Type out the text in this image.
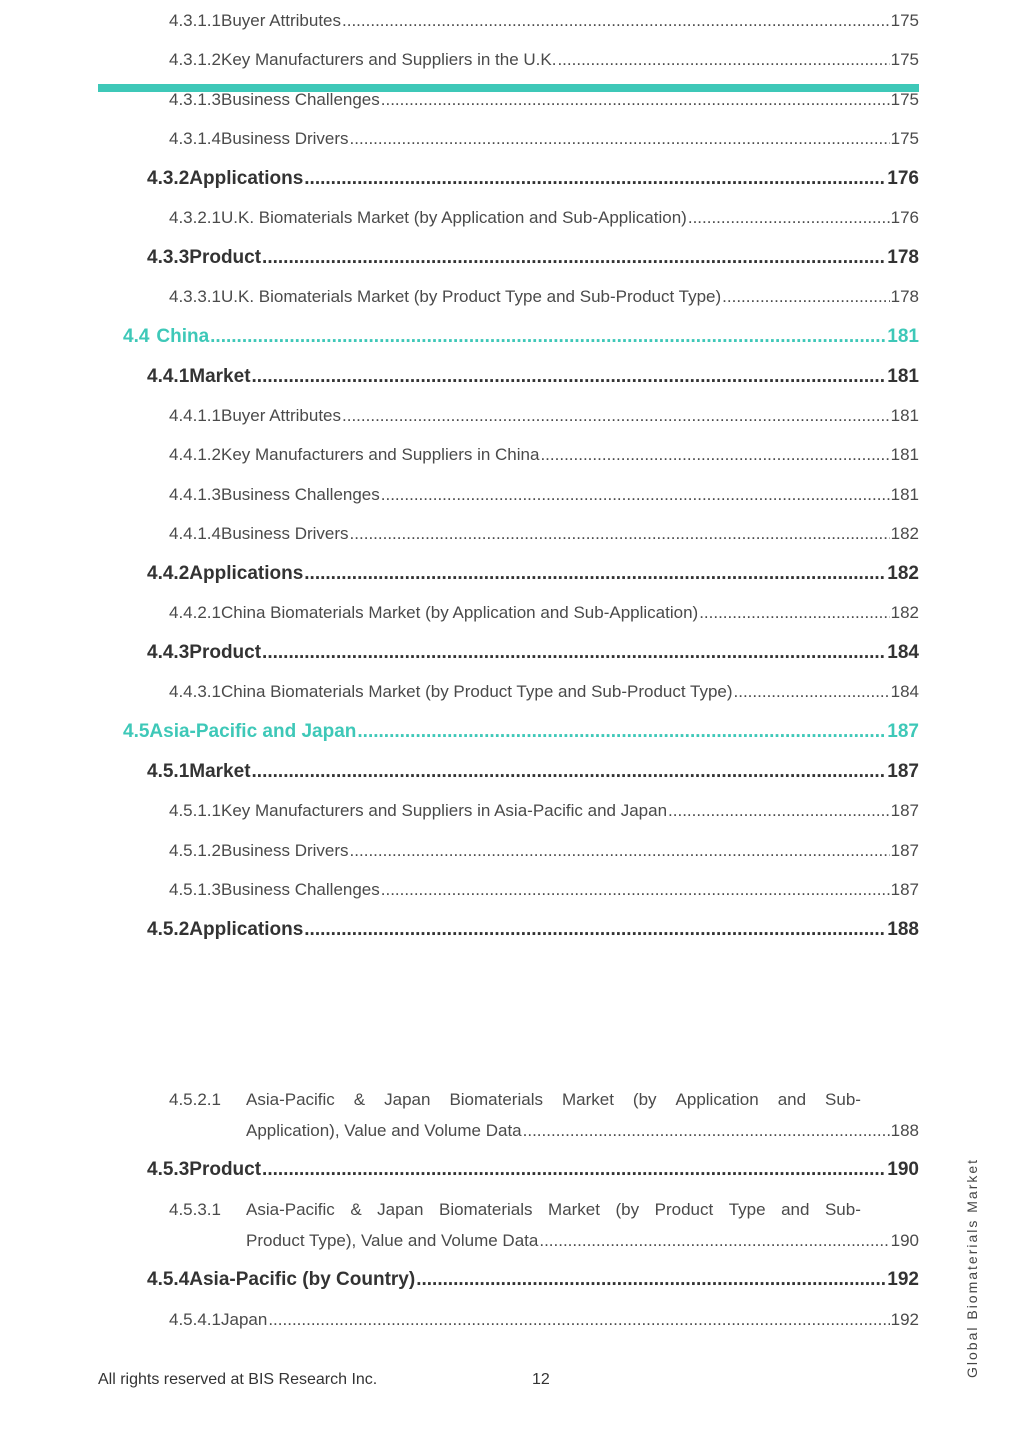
4.3.1.1 Buyer Attributes .....	175
4.3.1.2 Key Manufacturers and Suppliers in the U.K. .....	175
4.3.1.3 Business Challenges .....	175
4.3.1.4 Business Drivers .....	175
4.3.2 Applications .....	176
4.3.2.1 U.K. Biomaterials Market (by Application and Sub-Application) .....	176
4.3.3 Product .....	178
4.3.3.1 U.K. Biomaterials Market (by Product Type and Sub-Product Type) .....	178
4.4 China .....	181
4.4.1 Market .....	181
4.4.1.1 Buyer Attributes .....	181
4.4.1.2 Key Manufacturers and Suppliers in China .....	181
4.4.1.3 Business Challenges .....	181
4.4.1.4 Business Drivers .....	182
4.4.2 Applications .....	182
4.4.2.1 China Biomaterials Market (by Application and Sub-Application) .....	182
4.4.3 Product .....	184
4.4.3.1 China Biomaterials Market (by Product Type and Sub-Product Type) .....	184
4.5 Asia-Pacific and Japan .....	187
4.5.1 Market .....	187
4.5.1.1 Key Manufacturers and Suppliers in Asia-Pacific and Japan .....	187
4.5.1.2 Business Drivers .....	187
4.5.1.3 Business Challenges .....	187
4.5.2 Applications .....	188
4.5.2.1	Asia-Pacific & Japan Biomaterials Market (by Application and Sub-
Application), Value and Volume Data .....	188
4.5.3 Product .....	190
4.5.3.1	Asia-Pacific & Japan Biomaterials Market (by Product Type and Sub-
Product Type), Value and Volume Data .....	190
4.5.4 Asia-Pacific (by Country) .....	192
4.5.4.1 Japan .....	192
All rights reserved at BIS Research Inc.	12
Global Biomaterials Market
